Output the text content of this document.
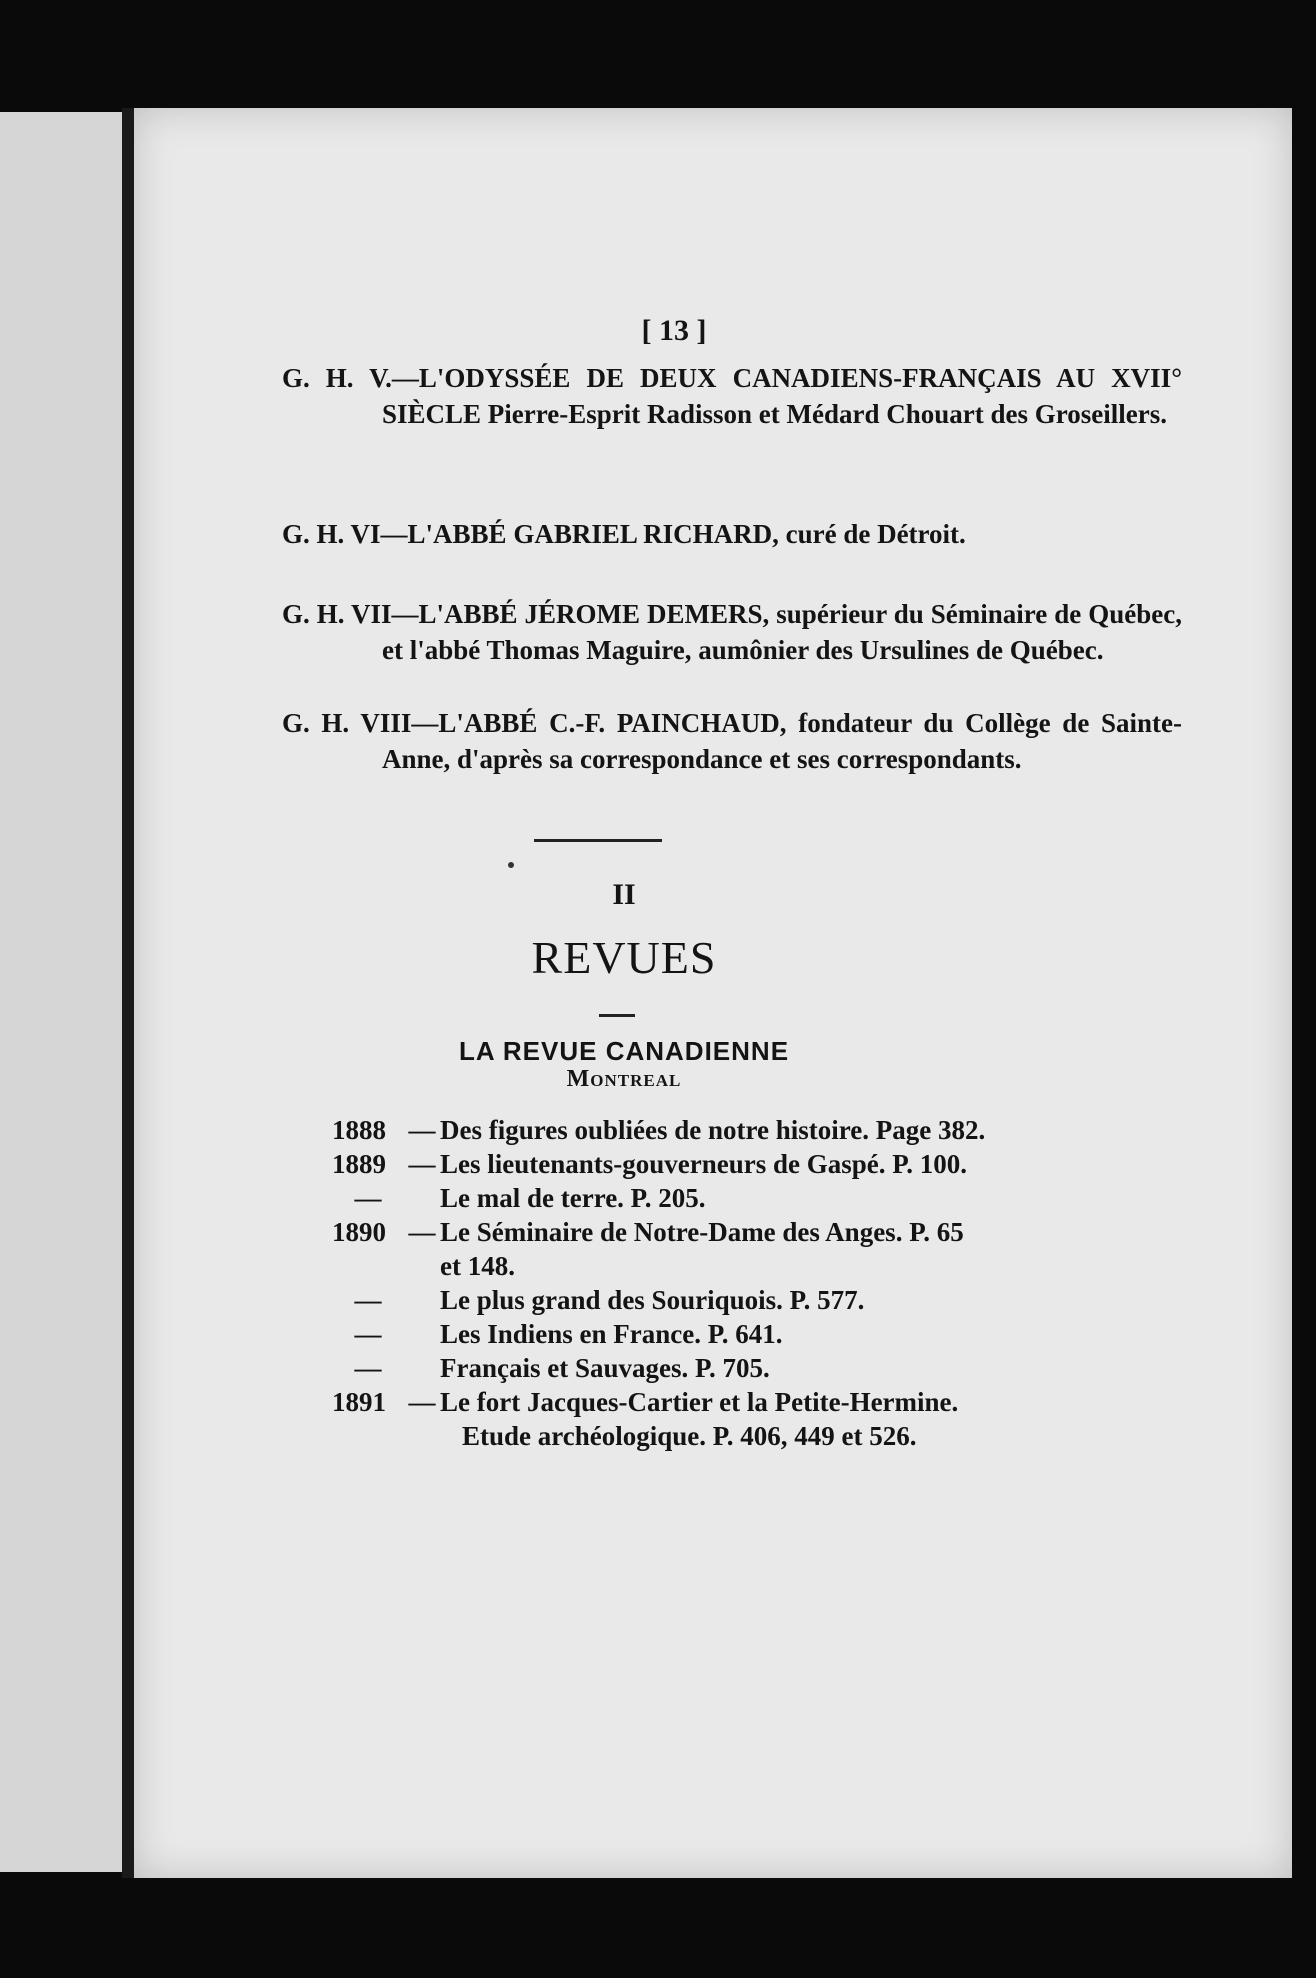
[ 13 ]
G. H. V.—L'ODYSSÉE DE DEUX CANADIENS-FRANÇAIS AU XVII° SIÈCLE Pierre-Esprit Radisson et Médard Chouart des Groseillers.
G. H. VI—L'ABBÉ GABRIEL RICHARD, curé de Détroit.
G. H. VII—L'ABBÉ JÉROME DEMERS, supérieur du Séminaire de Québec, et l'abbé Thomas Maguire, aumônier des Ursulines de Québec.
G. H. VIII—L'ABBÉ C.-F. PAINCHAUD, fondateur du Collège de Sainte-Anne, d'après sa correspondance et ses correspondants.
II
REVUES
LA REVUE CANADIENNE
Montreal
1888 — Des figures oubliées de notre histoire. Page 382.
1889 — Les lieutenants-gouverneurs de Gaspé. P. 100.
—	Le mal de terre. P. 205.
1890 — Le Séminaire de Notre-Dame des Anges. P. 65
et 148.
—	Le plus grand des Souriquois. P. 577.
—	Les Indiens en France. P. 641.
—	Français et Sauvages. P. 705.
1891 — Le fort Jacques-Cartier et la Petite-Hermine.
Etude archéologique. P. 406, 449 et 526.
